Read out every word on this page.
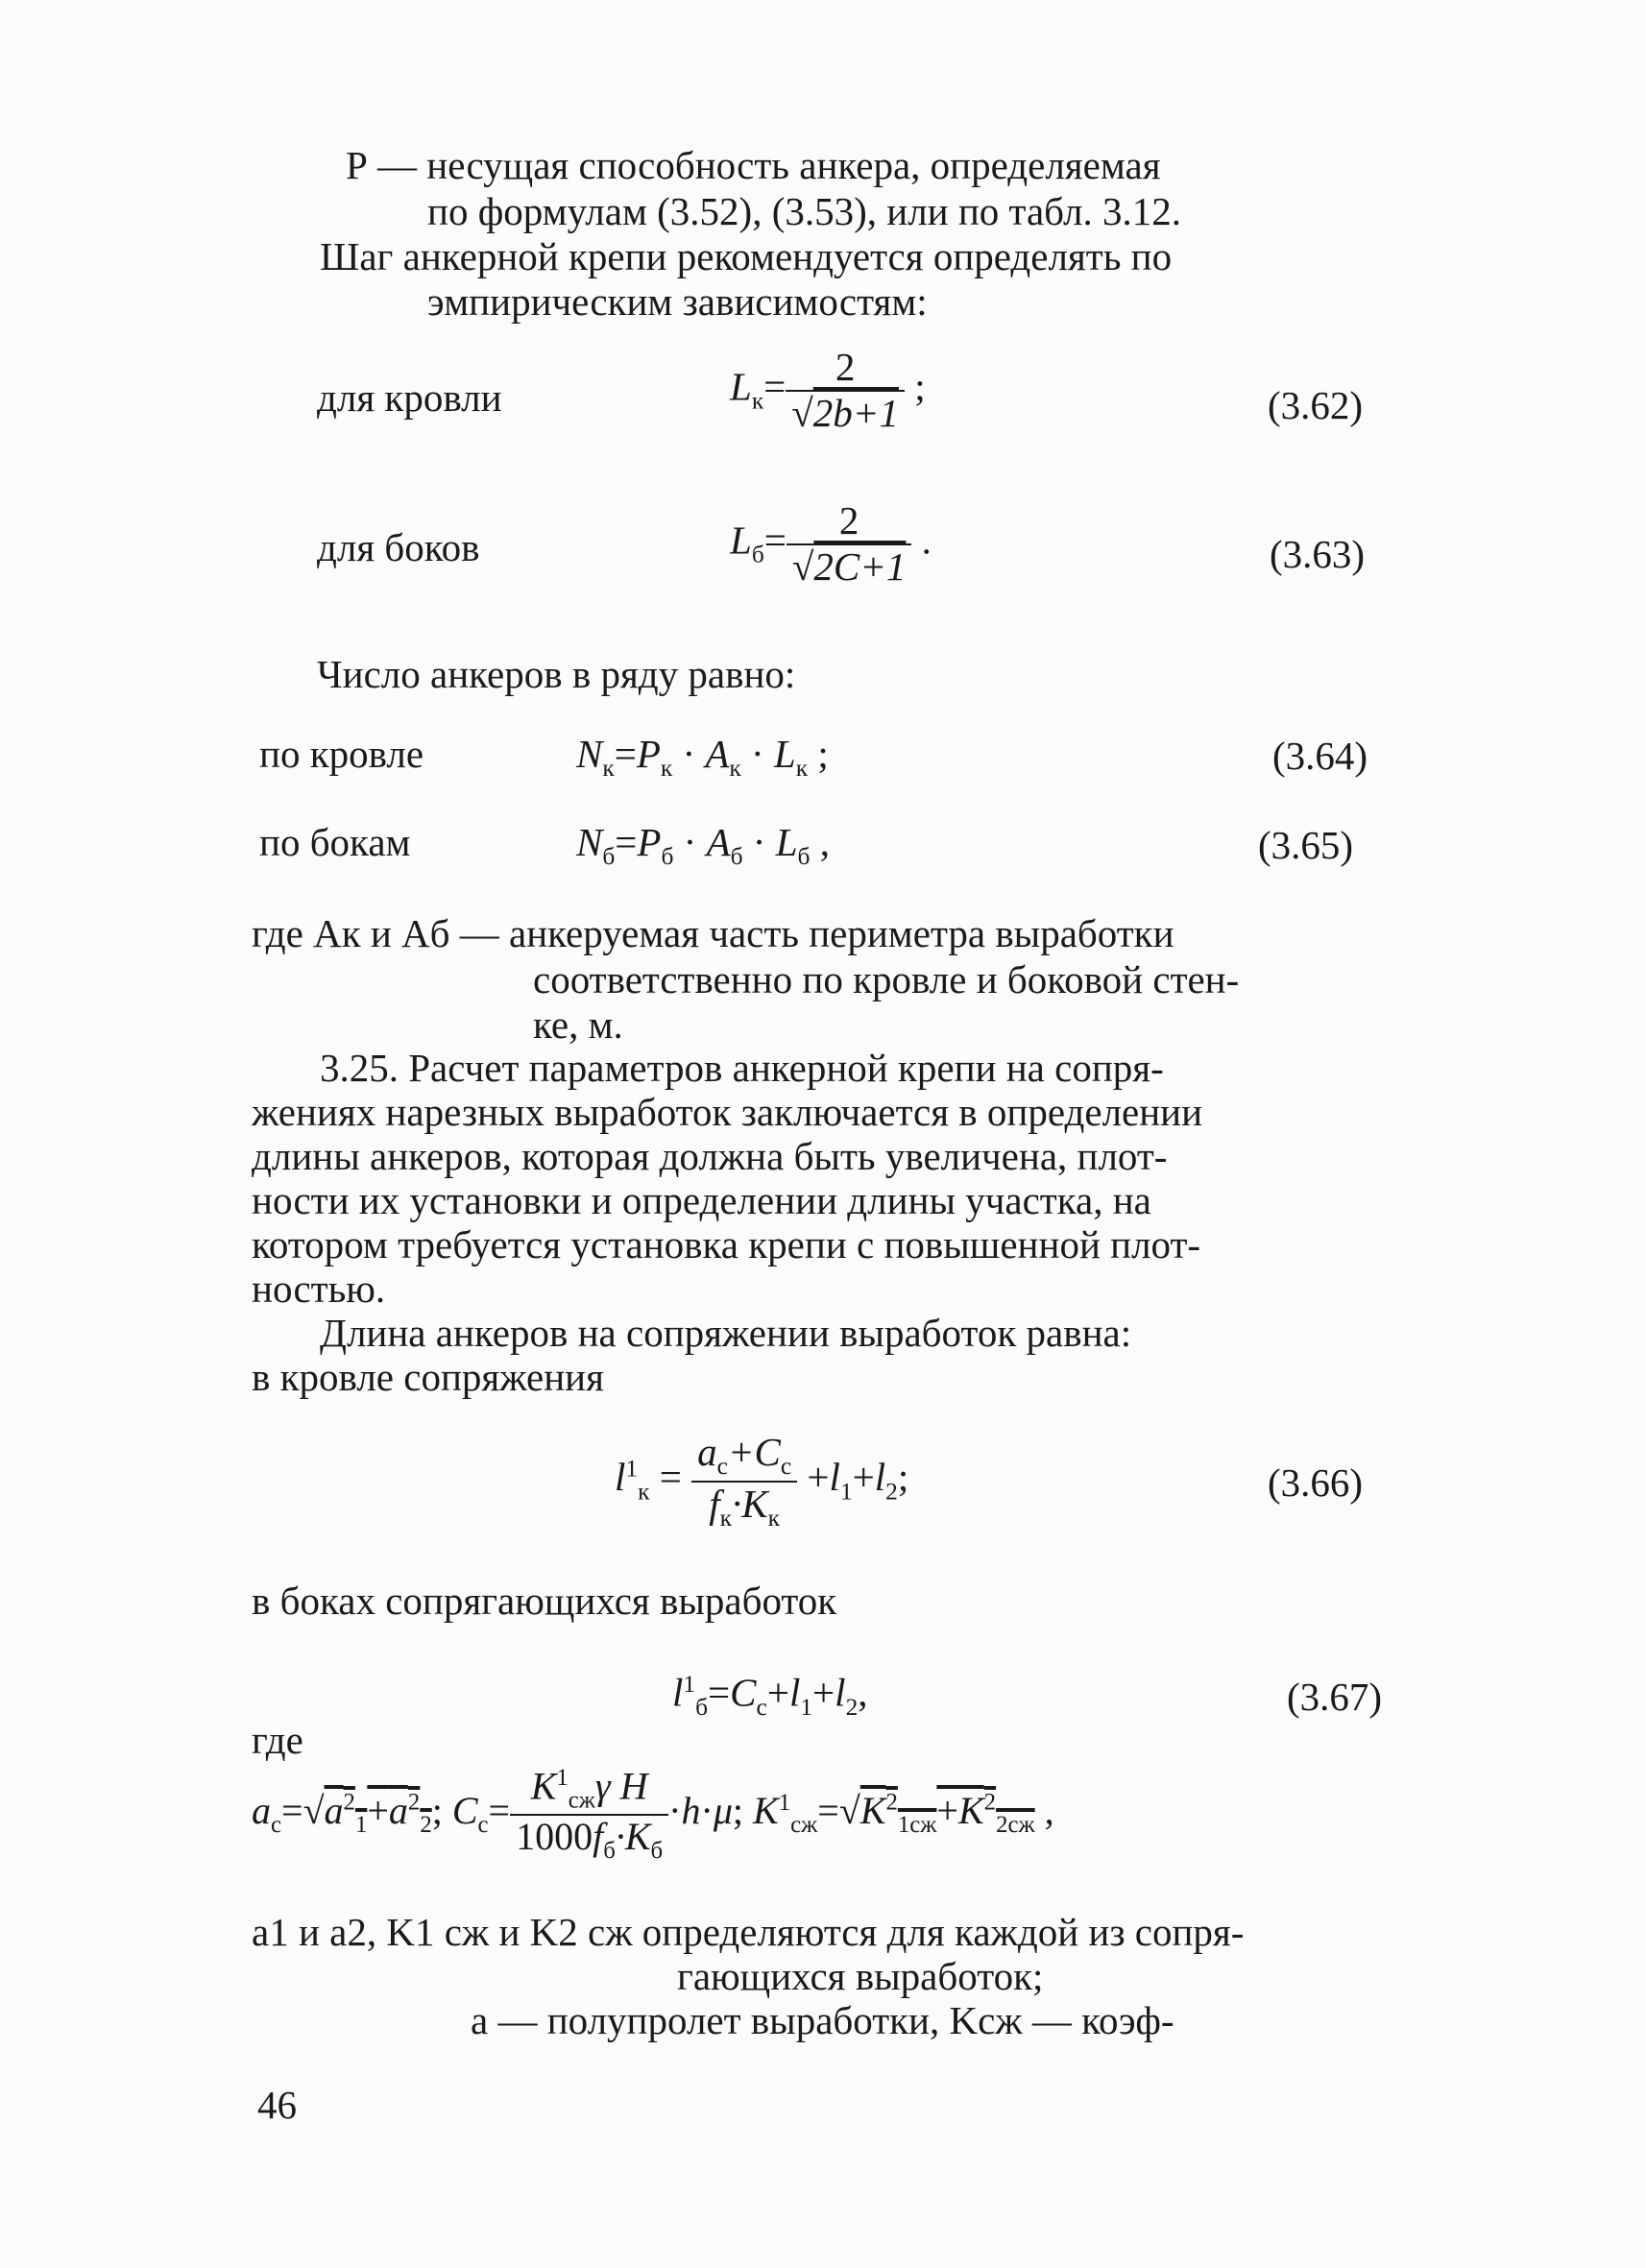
Р — несущая способность анкера, определяемая
по формулам (3.52), (3.53), или по табл. 3.12.
Шаг анкерной крепи рекомендуется определять по
эмпирическим зависимостям:
для кровли	$L_к= \frac{2}{√2b+1}$ ;	(3.62)
для боков	$L_б= \frac{2}{√2C+1}$ .	(3.63)
Число анкеров в ряду равно:
по кровле	$N_к=P_к \cdot A_к \cdot L_к$ ;	(3.64)
по бокам	$N_б=P_б \cdot A_б \cdot L_б$ ,	(3.65)
где Aк и Aб — анкеруемая часть периметра выработки
соответственно по кровле и боковой стен-
ке, м.
3.25. Расчет параметров анкерной крепи на сопря-
жениях нарезных выработок заключается в определении
длины анкеров, которая должна быть увеличена, плот-
ности их установки и определении длины участка, на
котором требуется установка крепи с повышенной плот-
ностью.
Длина анкеров на сопряжении выработок равна:
в кровле сопряжения
$l^1_к = \frac{a_c+C_c}{f_к\cdot K_к} +l_1+l_2$;	(3.66)
в боках сопрягающихся выработок
$l^1_б=C_c+l_1+l_2$,	(3.67)
где
$a_c=√a^2_1+a^2_2$; $C_c= \frac{K^1_{сж}\gamma H}{1000f_б\cdot K_б} \cdot h\cdot\mu$; $K^1_{сж}=√K^2_{1сж}+K^2_{2сж}$ ,
a1 и a2, K1 сж и K2 сж определяются для каждой из сопря-
гающихся выработок;
a — полупролет выработки, Kсж — коэф-
46
